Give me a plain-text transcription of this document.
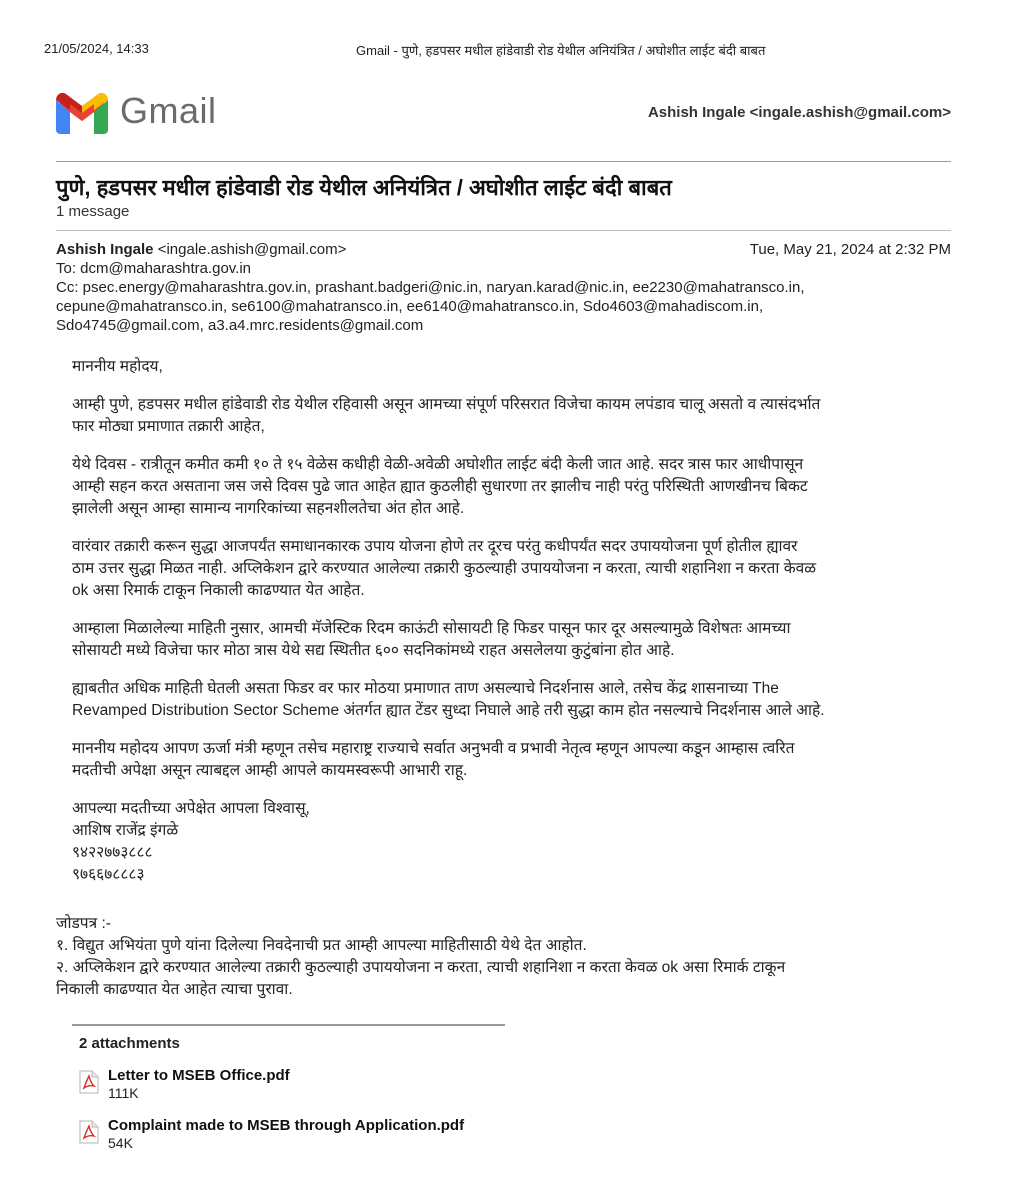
21/05/2024, 14:33	Gmail - पुणे, हडपसर मधील हांडेवाडी रोड येथील अनियंत्रित / अघोशीत लाईट बंदी बाबत
Gmail	Ashish Ingale <ingale.ashish@gmail.com>
पुणे, हडपसर मधील हांडेवाडी रोड येथील अनियंत्रित / अघोशीत लाईट बंदी बाबत
1 message
Ashish Ingale <ingale.ashish@gmail.com>	Tue, May 21, 2024 at 2:32 PM
To: dcm@maharashtra.gov.in
Cc: psec.energy@maharashtra.gov.in, prashant.badgeri@nic.in, naryan.karad@nic.in, ee2230@mahatransco.in,
cepune@mahatransco.in, se6100@mahatransco.in, ee6140@mahatransco.in, Sdo4603@mahadiscom.in,
Sdo4745@gmail.com, a3.a4.mrc.residents@gmail.com

माननीय महोदय,

आम्ही पुणे, हडपसर मधील हांडेवाडी रोड येथील रहिवासी असून आमच्या संपूर्ण परिसरात विजेचा कायम लपंडाव चालू असतो व त्यासंदर्भात
फार मोठ्या प्रमाणात तक्रारी आहेत,

येथे दिवस - रात्रीतून कमीत कमी १० ते १५ वेळेस कधीही वेळी-अवेळी अघोशीत लाईट बंदी केली जात आहे. सदर त्रास फार आधीपासून
आम्ही सहन करत असताना जस जसे दिवस पुढे जात आहेत ह्यात कुठलीही सुधारणा तर झालीच नाही परंतु परिस्थिती आणखीनच बिकट
झालेली असून आम्हा सामान्य नागरिकांच्या सहनशीलतेचा अंत होत आहे.

वारंवार तक्रारी करून सुद्धा आजपर्यंत समाधानकारक उपाय योजना होणे तर दूरच परंतु कधीपर्यंत सदर उपाययोजना पूर्ण होतील ह्यावर
ठाम उत्तर सुद्धा मिळत नाही. अप्लिकेशन द्वारे करण्यात आलेल्या तक्रारी कुठल्याही उपाययोजना न करता, त्याची शहानिशा न करता केवळ
ok असा रिमार्क टाकून निकाली काढण्यात येत आहेत.

आम्हाला मिळालेल्या माहिती नुसार, आमची मॅजेस्टिक रिदम काऊंटी सोसायटी हि फिडर पासून फार दूर असल्यामुळे विशेषतः आमच्या
सोसायटी मध्ये विजेचा फार मोठा त्रास येथे सद्य स्थितीत ६०० सदनिकांमध्ये राहत असलेलया कुटुंबांना होत आहे.

ह्याबतीत अधिक माहिती घेतली असता फिडर वर फार मोठया प्रमाणात ताण असल्याचे निदर्शनास आले, तसेच केंद्र शासनाच्या The
Revamped Distribution Sector Scheme अंतर्गत ह्यात टेंडर सुध्दा निघाले आहे तरी सुद्धा काम होत नसल्याचे निदर्शनास आले आहे.

माननीय महोदय आपण ऊर्जा मंत्री म्हणून तसेच महाराष्ट्र राज्याचे सर्वात अनुभवी व प्रभावी नेतृत्व म्हणून आपल्या कडून आम्हास त्वरित
मदतीची अपेक्षा असून त्याबद्दल आम्ही आपले कायमस्वरूपी आभारी राहू.

आपल्या मदतीच्या अपेक्षेत आपला विश्वासू,
आशिष राजेंद्र इंगळे
९४२२७७३८८८
९७६६७८८८३
जोडपत्र :-
१. विद्युत अभियंता पुणे यांना दिलेल्या निवदेनाची प्रत आम्ही आपल्या माहितीसाठी येथे देत आहोत.
२. अप्लिकेशन द्वारे करण्यात आलेल्या तक्रारी कुठल्याही उपाययोजना न करता, त्याची शहानिशा न करता केवळ ok असा रिमार्क टाकून
निकाली काढण्यात येत आहेत त्याचा पुरावा.
2 attachments
Letter to MSEB Office.pdf
111K
Complaint made to MSEB through Application.pdf
54K
